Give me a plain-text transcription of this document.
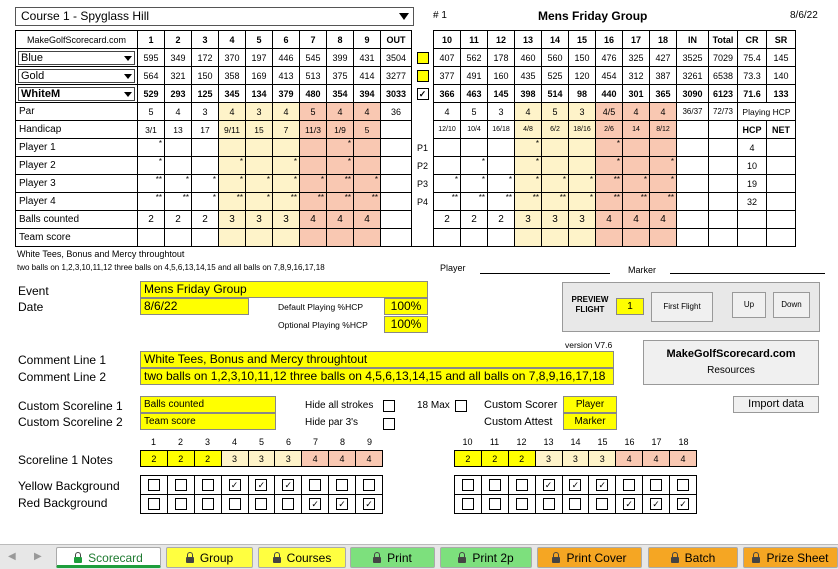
Course 1 - Spyglass Hill	# 1	Mens Friday Group	8/6/22
MakeGolfScorecard.com	1	2	3	4	5	6	7	8	9	OUT		10	11	12	13	14	15	16	17	18	IN	Total	CR	SR

Blue	595	349	172	370	197	446	545	399	431	3504		407	562	178	460	560	150	476	325	427	3525	7029	75.4	145

Gold	564	321	150	358	169	413	513	375	414	3277		377	491	160	435	525	120	454	312	387	3261	6538	73.3	140

WhiteM	529	293	125	345	134	379	480	354	394	3033	✓	366	463	145	398	514	98	440	301	365	3090	6123	71.6	133
Par	5	4	3	4	3	4	5	4	4	36		4	5	3	4	5	3	4/5	4	4	36/37	72/73	Playing HCP	
Handicap	3/1	13	17	9/11	15	7	11/3	1/9	5			12/10	10/4	16/18	4/8	6/2	18/16	2/6	14	8/12			HCP	NET
Player 1	*							*			P1				*			*					4	
Player 2	*			*		*		*			P2		*		*			*		*			10	
Player 3	**	*	*	*	*	*	*	**	*		P3	*	*	*	*	*	*	**	*	*			19	
Player 4	**	**	*	**	*	**	**	**	**		P4	**	**	**	**	**	*	**	**	**			32	
Balls counted	2	2	2	3	3	3	4	4	4			2	2	2	3	3	3	4	4	4				
Team score																								
White Tees, Bonus and Mercy throughtout
two balls on 1,2,3,10,11,12 three balls on 4,5,6,13,14,15 and all balls on 7,8,9,16,17,18	Player	Marker
Event	Mens Friday Group
Date	8/6/22	Default Playing %HCP	100%
Optional Playing %HCP	100%
PREVIEW FLIGHT	1	First Flight	Up	Down
version V7.6
MakeGolfScorecard.com
Resources
Comment Line 1	White Tees, Bonus and Mercy throughtout
Comment Line 2	two balls on 1,2,3,10,11,12 three balls on 4,5,6,13,14,15 and all balls on 7,8,9,16,17,18
Custom Scoreline 1	Balls counted
Custom Scoreline 2	Team score
Hide all strokes
Hide par 3's
18 Max	Custom Scorer	Player
Custom Attest	Marker
Import data
Scoreline 1 Notes
1	2	3	4	5	6	7	8	9	10	11	12	13	14	15	16	17	18
2	2	2	3	3	3	4	4	4	2	2	2	3	3	3	4	4	4
Yellow Background
Red Background
			✓	✓	✓			
						✓	✓	✓
			✓	✓	✓			
						✓	✓	✓
◀ ▶	Scorecard	Group	Courses	Print	Print 2p	Print Cover	Batch	Prize Sheet
